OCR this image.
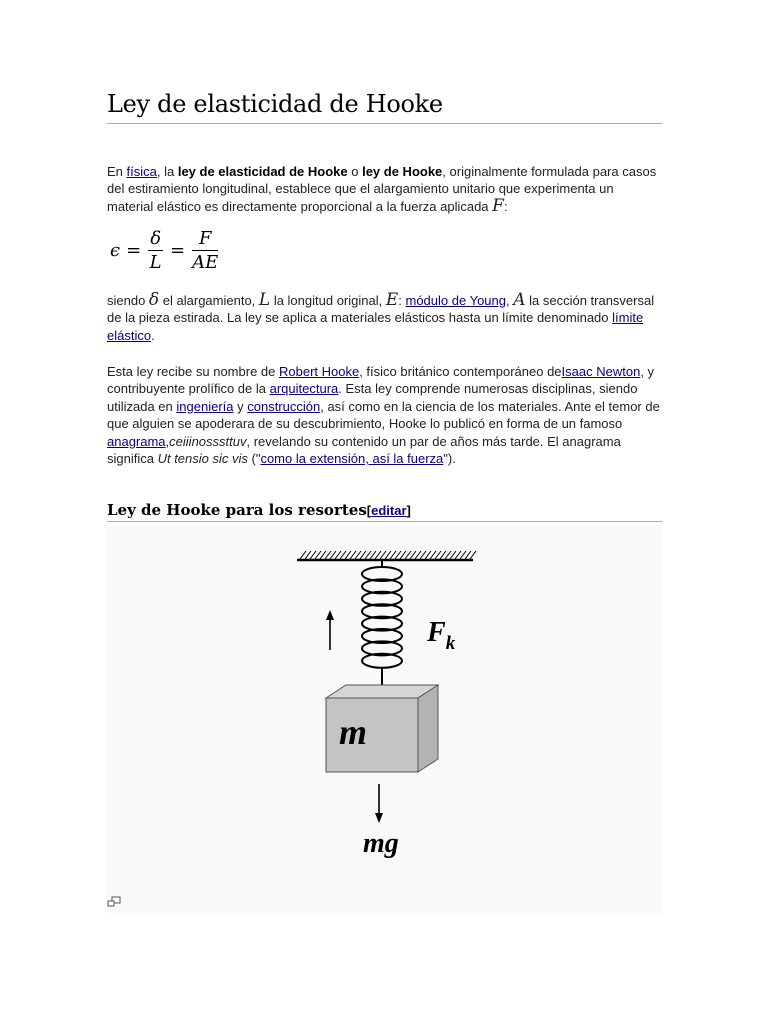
Ley de elasticidad de Hooke
En física, la ley de elasticidad de Hooke o ley de Hooke, originalmente formulada para casos del estiramiento longitudinal, establece que el alargamiento unitario que experimenta un material elástico es directamente proporcional a la fuerza aplicada F:
$\epsilon = \frac{\delta}{L} = \frac{F}{AE}$
siendo δ el alargamiento, L la longitud original, E: módulo de Young, A la sección transversal de la pieza estirada. La ley se aplica a materiales elásticos hasta un límite denominado límite elástico.
Esta ley recibe su nombre de Robert Hooke, físico británico contemporáneo deIsaac Newton, y contribuyente prolífico de la arquitectura. Esta ley comprende numerosas disciplinas, siendo utilizada en ingeniería y construcción, así como en la ciencia de los materiales. Ante el temor de que alguien se apoderara de su descubrimiento, Hooke lo publicó en forma de un famoso anagrama,ceiiinosssttuv, revelando su contenido un par de años más tarde. El anagrama significa Ut tensio sic vis ("como la extensión, así la fuerza").
Ley de Hooke para los resortes[editar]
$F_k$
m
mg
